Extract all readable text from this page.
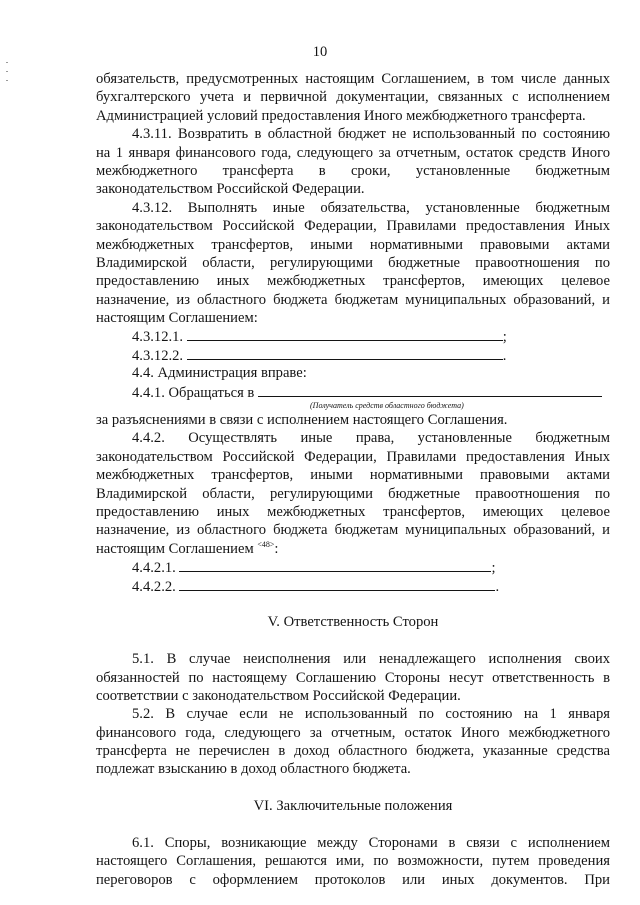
10
обязательств, предусмотренных настоящим Соглашением, в том числе данных
бухгалтерского учета и первичной документации, связанных с исполнением
Администрацией условий предоставления Иного межбюджетного трансферта.
4.3.11. Возвратить в областной бюджет не использованный по состоянию
на 1 января финансового года, следующего за отчетным, остаток средств Иного
межбюджетного трансферта в сроки, установленные бюджетным
законодательством Российской Федерации.
4.3.12. Выполнять иные обязательства, установленные бюджетным
законодательством Российской Федерации, Правилами предоставления Иных
межбюджетных трансфертов, иными нормативными правовыми актами
Владимирской области, регулирующими бюджетные правоотношения по
предоставлению иных межбюджетных трансфертов, имеющих целевое
назначение, из областного бюджета бюджетам муниципальных образований, и
настоящим Соглашением:
4.3.12.1.	;
4.3.12.2.	.
4.4. Администрация вправе:
4.4.1. Обращаться в
(Получатель средств областного бюджета)
за разъяснениями в связи с исполнением настоящего Соглашения.
4.4.2. Осуществлять иные права, установленные бюджетным
законодательством Российской Федерации, Правилами предоставления Иных
межбюджетных трансфертов, иными нормативными правовыми актами
Владимирской области, регулирующими бюджетные правоотношения по
предоставлению иных межбюджетных трансфертов, имеющих целевое
назначение, из областного бюджета бюджетам муниципальных образований, и
настоящим Соглашением $^{<48>}$:
4.4.2.1.	;
4.4.2.2.	.
V. Ответственность Сторон
5.1. В случае неисполнения или ненадлежащего исполнения своих
обязанностей по настоящему Соглашению Стороны несут ответственность в
соответствии с законодательством Российской Федерации.
5.2. В случае если не использованный по состоянию на 1 января
финансового года, следующего за отчетным, остаток Иного межбюджетного
трансферта не перечислен в доход областного бюджета, указанные средства
подлежат взысканию в доход областного бюджета.
VI. Заключительные положения
6.1. Споры, возникающие между Сторонами в связи с исполнением
настоящего Соглашения, решаются ими, по возможности, путем проведения
переговоров с оформлением протоколов или иных документов. При
